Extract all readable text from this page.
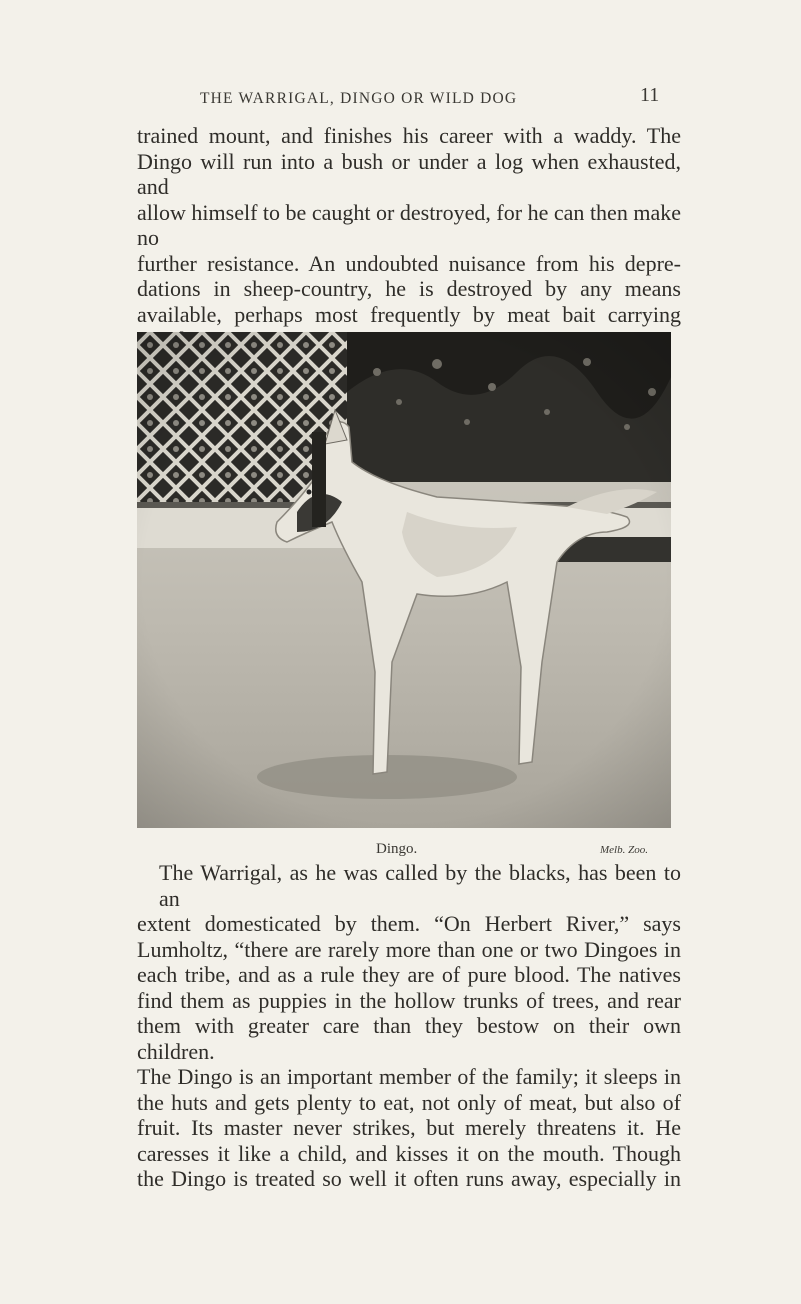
THE WARRIGAL, DINGO OR WILD DOG	11
trained mount, and finishes his career with a waddy. The
Dingo will run into a bush or under a log when exhausted, and
allow himself to be caught or destroyed, for he can then make no
further resistance. An undoubted nuisance from his depre-
dations in sheep-country, he is destroyed by any means
available, perhaps most frequently by meat bait carrying
Dingo.	Melb. Zoo.
The Warrigal, as he was called by the blacks, has been to an
extent domesticated by them. “On Herbert River,” says
Lumholtz, “there are rarely more than one or two Dingoes in
each tribe, and as a rule they are of pure blood. The natives
find them as puppies in the hollow trunks of trees, and rear
them with greater care than they bestow on their own children.
The Dingo is an important member of the family; it sleeps in
the huts and gets plenty to eat, not only of meat, but also of
fruit. Its master never strikes, but merely threatens it. He
caresses it like a child, and kisses it on the mouth. Though
the Dingo is treated so well it often runs away, especially in
